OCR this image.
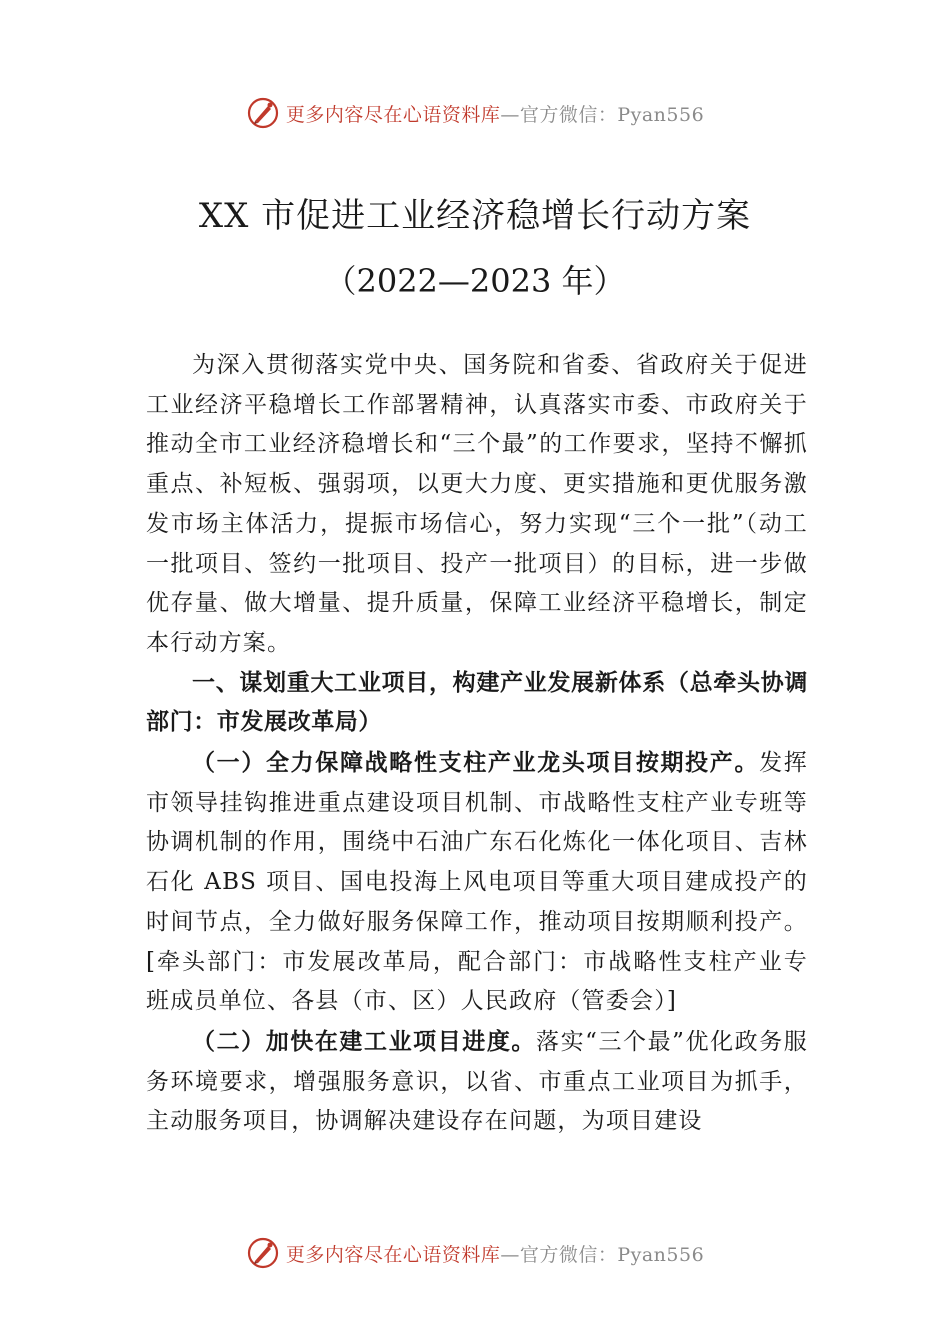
更多内容尽在心语资料库—官方微信：Pyan556
XX 市促进工业经济稳增长行动方案
（2022—2023 年）

为深入贯彻落实党中央、国务院和省委、省政府关于促进工业经济平稳增长工作部署精神，认真落实市委、市政府关于推动全市工业经济稳增长和“三个最”的工作要求，坚持不懈抓重点、补短板、强弱项，以更大力度、更实措施和更优服务激发市场主体活力，提振市场信心，努力实现“三个一批”（动工一批项目、签约一批项目、投产一批项目）的目标，进一步做优存量、做大增量、提升质量，保障工业经济平稳增长，制定本行动方案。

一、谋划重大工业项目，构建产业发展新体系（总牵头协调部门：市发展改革局）

（一）全力保障战略性支柱产业龙头项目按期投产。发挥市领导挂钩推进重点建设项目机制、市战略性支柱产业专班等协调机制的作用，围绕中石油广东石化炼化一体化项目、吉林石化 ABS 项目、国电投海上风电项目等重大项目建成投产的时间节点，全力做好服务保障工作，推动项目按期顺利投产。[牵头部门：市发展改革局，配合部门：市战略性支柱产业专班成员单位、各县（市、区）人民政府（管委会）]

（二）加快在建工业项目进度。落实“三个最”优化政务服务环境要求，增强服务意识，以省、市重点工业项目为抓手，主动服务项目，协调解决建设存在问题，为项目建设

更多内容尽在心语资料库—官方微信：Pyan556
